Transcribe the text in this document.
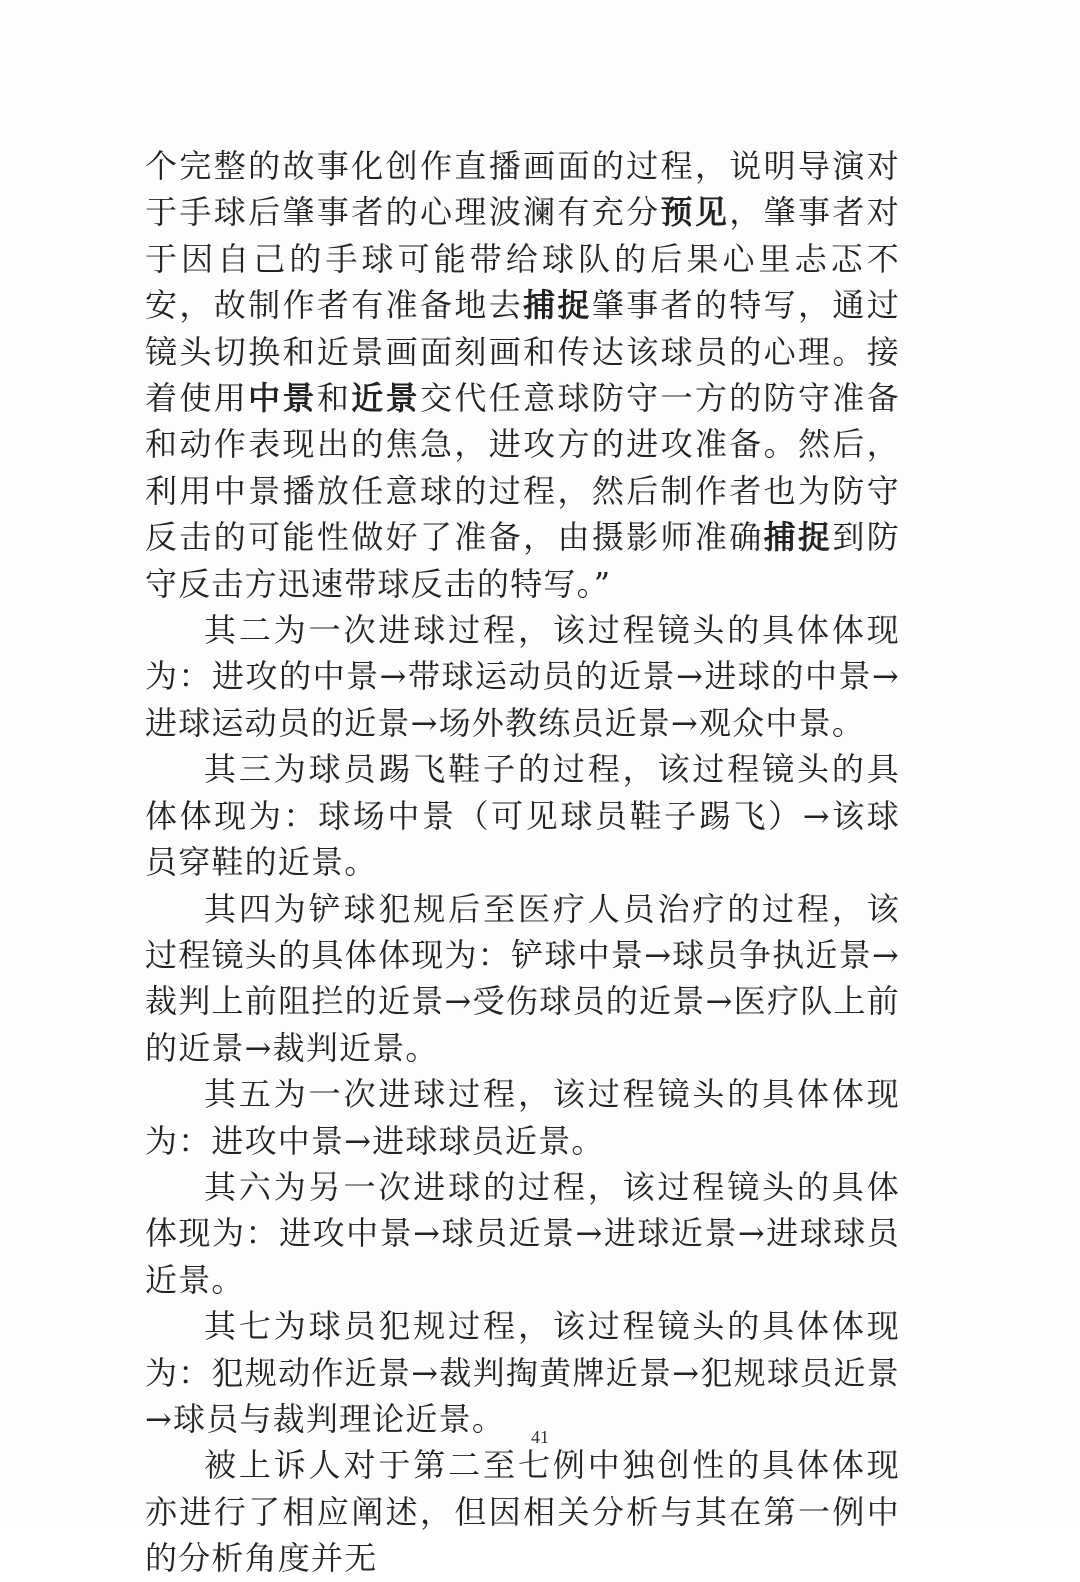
个完整的故事化创作直播画面的过程，说明导演对于手球后肇事者的心理波澜有充分预见，肇事者对于因自己的手球可能带给球队的后果心里忐忑不安，故制作者有准备地去捕捉肇事者的特写，通过镜头切换和近景画面刻画和传达该球员的心理。接着使用中景和近景交代任意球防守一方的防守准备和动作表现出的焦急，进攻方的进攻准备。然后，利用中景播放任意球的过程，然后制作者也为防守反击的可能性做好了准备，由摄影师准确捕捉到防守反击方迅速带球反击的特写。”

其二为一次进球过程，该过程镜头的具体体现为：进攻的中景→带球运动员的近景→进球的中景→进球运动员的近景→场外教练员近景→观众中景。

其三为球员踢飞鞋子的过程，该过程镜头的具体体现为：球场中景（可见球员鞋子踢飞）→该球员穿鞋的近景。

其四为铲球犯规后至医疗人员治疗的过程，该过程镜头的具体体现为：铲球中景→球员争执近景→裁判上前阻拦的近景→受伤球员的近景→医疗队上前的近景→裁判近景。

其五为一次进球过程，该过程镜头的具体体现为：进攻中景→进球球员近景。

其六为另一次进球的过程，该过程镜头的具体体现为：进攻中景→球员近景→进球近景→进球球员近景。

其七为球员犯规过程，该过程镜头的具体体现为：犯规动作近景→裁判掏黄牌近景→犯规球员近景→球员与裁判理论近景。

被上诉人对于第二至七例中独创性的具体体现亦进行了相应阐述，但因相关分析与其在第一例中的分析角度并无

41
